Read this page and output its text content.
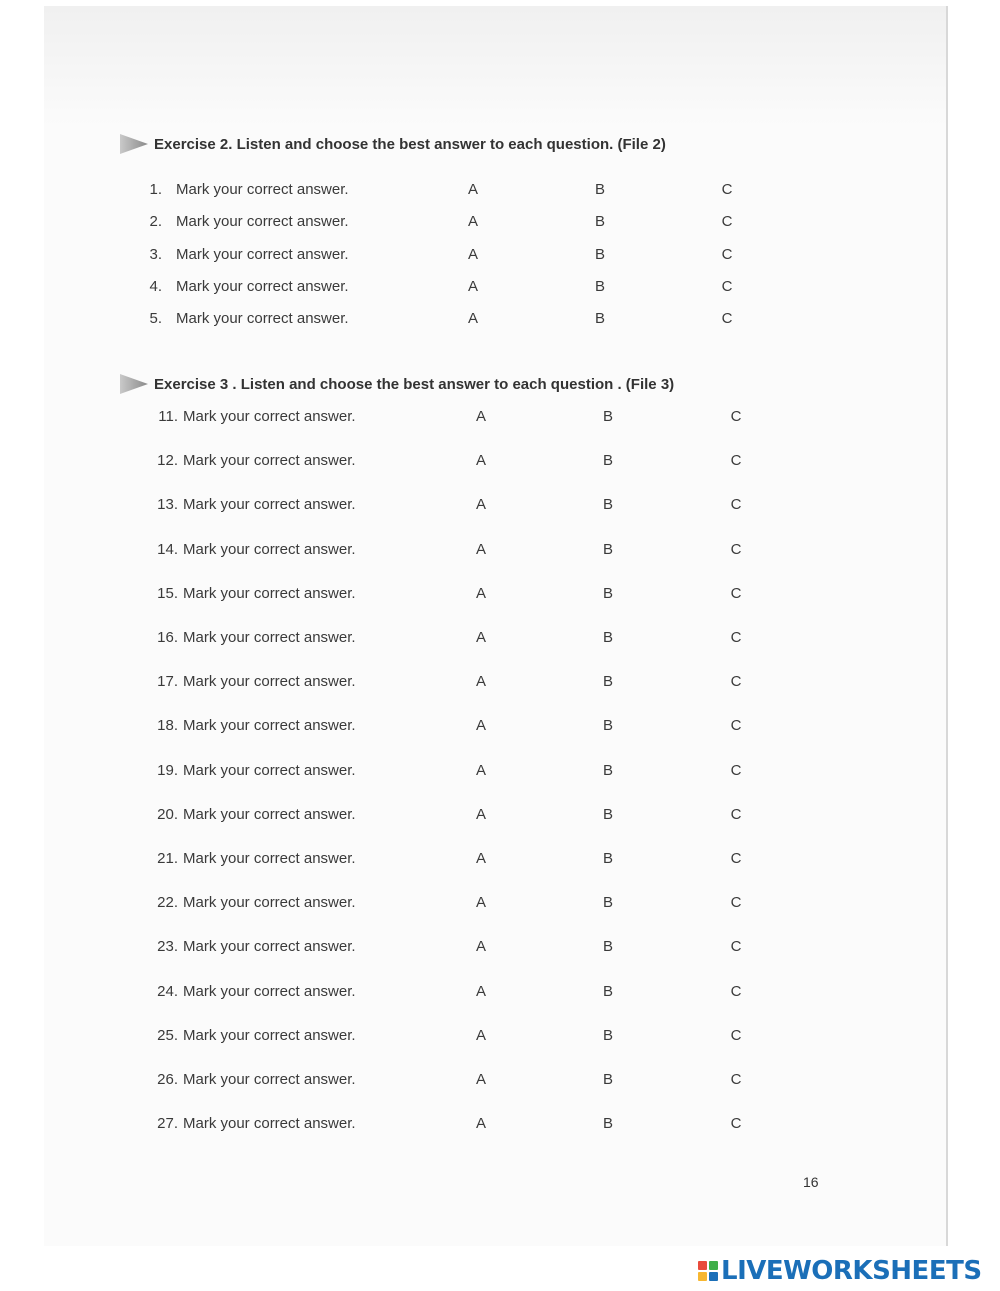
Exercise 2. Listen and choose the best answer to each question. (File 2)
1. Mark your correct answer.	A	B	C
2. Mark your correct answer.	A	B	C
3. Mark your correct answer.	A	B	C
4. Mark your correct answer.	A	B	C
5. Mark your correct answer.	A	B	C
Exercise 3 . Listen and choose the best answer to each question . (File 3)
11. Mark your correct answer.	A	B	C
12. Mark your correct answer.	A	B	C
13. Mark your correct answer.	A	B	C
14. Mark your correct answer.	A	B	C
15. Mark your correct answer.	A	B	C
16. Mark your correct answer.	A	B	C
17. Mark your correct answer.	A	B	C
18. Mark your correct answer.	A	B	C
19. Mark your correct answer.	A	B	C
20. Mark your correct answer.	A	B	C
21. Mark your correct answer.	A	B	C
22. Mark your correct answer.	A	B	C
23. Mark your correct answer.	A	B	C
24. Mark your correct answer.	A	B	C
25. Mark your correct answer.	A	B	C
26. Mark your correct answer.	A	B	C
27. Mark your correct answer.	A	B	C
16
LIVEWORKSHEETS
